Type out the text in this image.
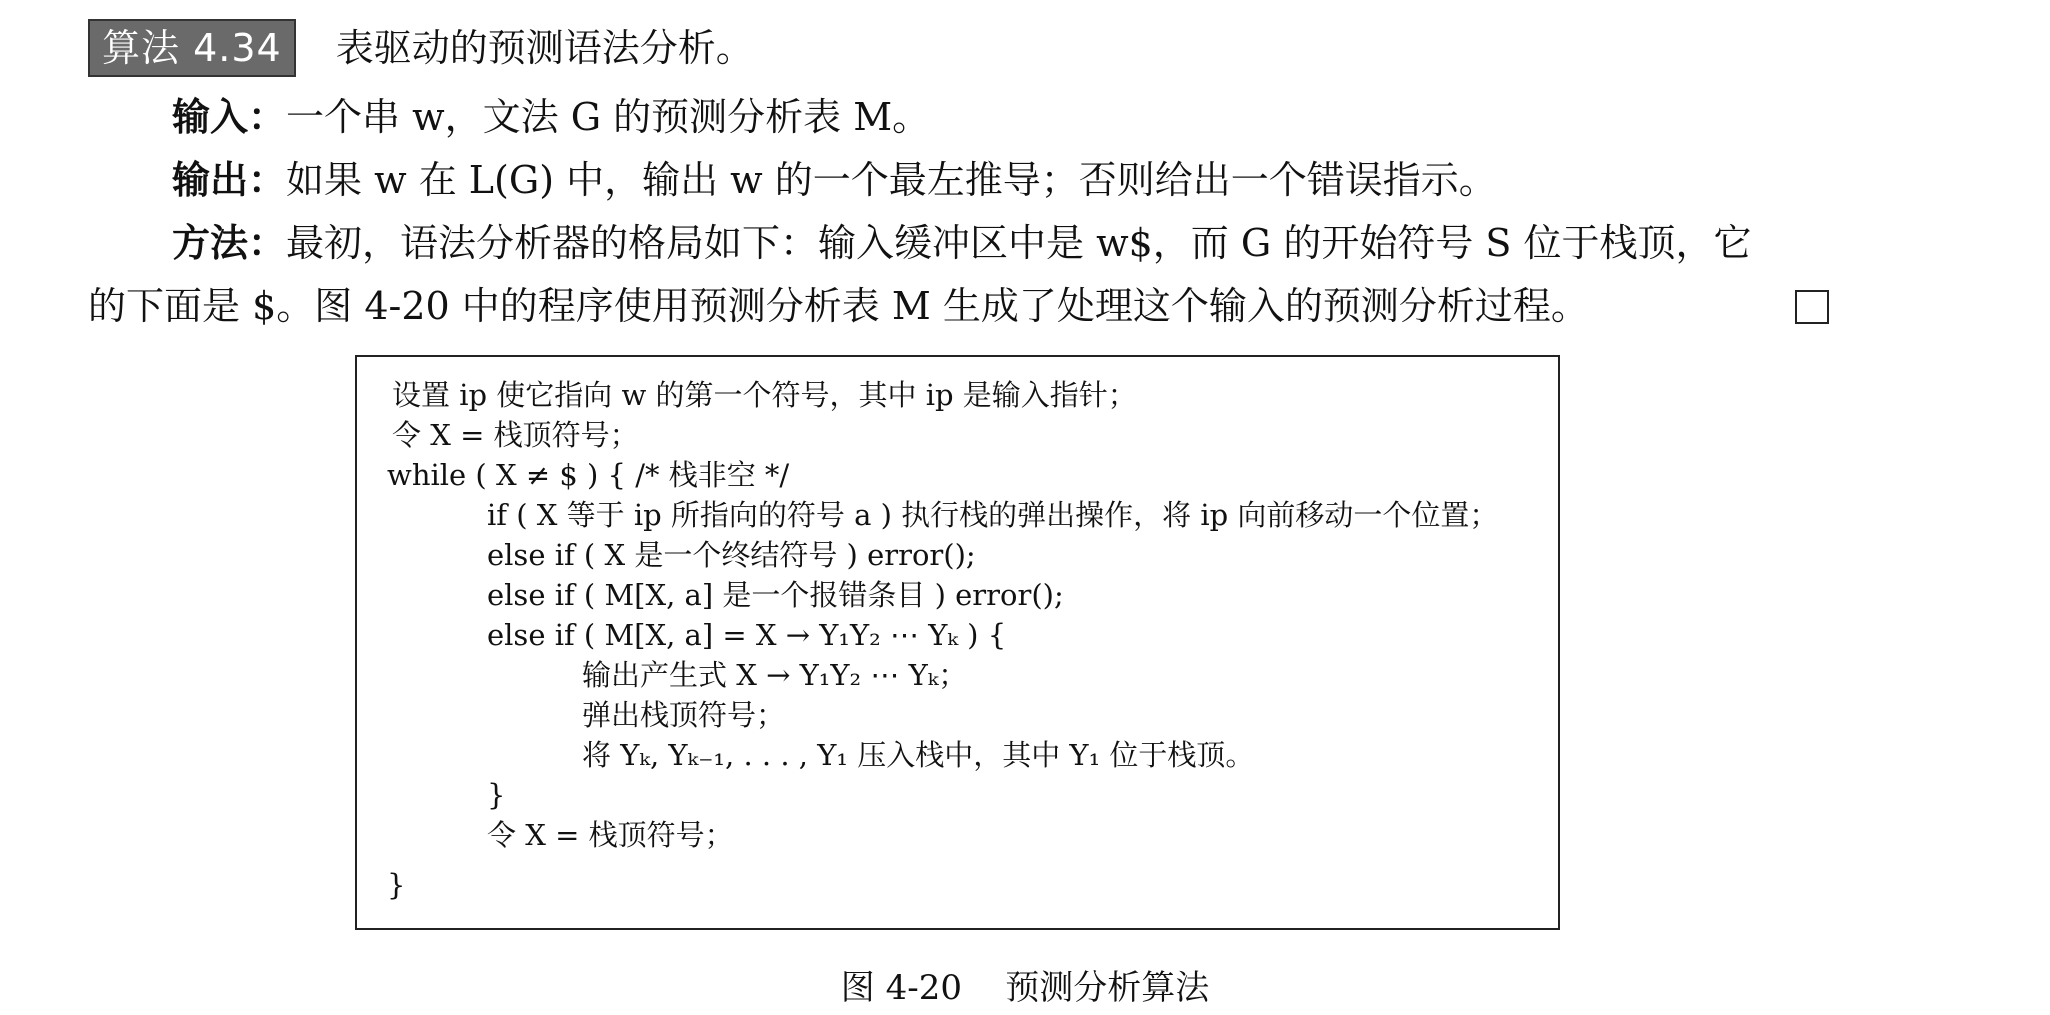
算法 4.34	表驱动的预测语法分析。
输入：一个串 w，文法 G 的预测分析表 M。
输出：如果 w 在 L(G) 中，输出 w 的一个最左推导；否则给出一个错误指示。
方法：最初，语法分析器的格局如下：输入缓冲区中是 w$，而 G 的开始符号 S 位于栈顶，它
的下面是 $。图 4-20 中的程序使用预测分析表 M 生成了处理这个输入的预测分析过程。
设置 ip 使它指向 w 的第一个符号，其中 ip 是输入指针；
令 X = 栈顶符号；
while ( X ≠ $ ) { /* 栈非空 */
if ( X 等于 ip 所指向的符号 a ) 执行栈的弹出操作，将 ip 向前移动一个位置；
else if ( X 是一个终结符号 ) error();
else if ( M[X, a] 是一个报错条目 ) error();
else if ( M[X, a] = X → Y₁Y₂ ⋯ Yₖ ) {
输出产生式 X → Y₁Y₂ ⋯ Yₖ；
弹出栈顶符号；
将 Yₖ, Yₖ₋₁, . . . , Y₁ 压入栈中，其中 Y₁ 位于栈顶。
}
令 X = 栈顶符号；
}
图 4-20    预测分析算法
